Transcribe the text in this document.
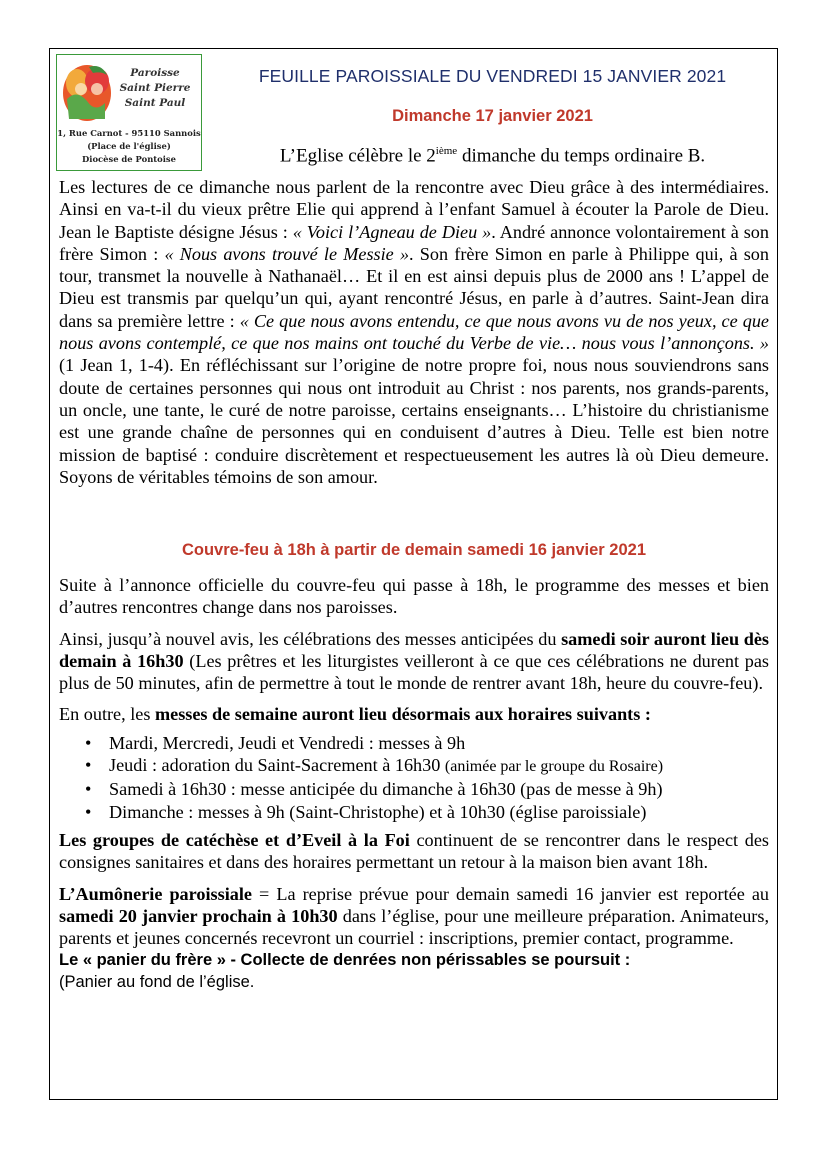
Paroisse
Saint Pierre
Saint Paul
1, Rue Carnot - 95110 Sannois
(Place de l'église)
Diocèse de Pontoise
FEUILLE PAROISSIALE DU VENDREDI 15 JANVIER 2021
Dimanche 17 janvier 2021
L’Eglise célèbre le 2ième dimanche du temps ordinaire B.
Les lectures de ce dimanche nous parlent de la rencontre avec Dieu grâce à des intermédiaires. Ainsi en va-t-il du vieux prêtre Elie qui apprend à l’enfant Samuel à écouter la Parole de Dieu. Jean le Baptiste désigne Jésus : « Voici l’Agneau de Dieu ». André annonce volontairement à son frère Simon : « Nous avons trouvé le Messie ». Son frère Simon en parle à Philippe qui, à son tour, transmet la nouvelle à Nathanaël… Et il en est ainsi depuis plus de 2000 ans ! L’appel de Dieu est transmis par quelqu’un qui, ayant rencontré Jésus, en parle à d’autres. Saint-Jean dira dans sa première lettre : « Ce que nous avons entendu, ce que nous avons vu de nos yeux, ce que nous avons contemplé, ce que nos mains ont touché du Verbe de vie… nous vous l’annonçons. » (1 Jean 1, 1-4). En réfléchissant sur l’origine de notre propre foi, nous nous souviendrons sans doute de certaines personnes qui nous ont introduit au Christ : nos parents, nos grands-parents, un oncle, une tante, le curé de notre paroisse, certains enseignants… L’histoire du christianisme est une grande chaîne de personnes qui en conduisent d’autres à Dieu. Telle est bien notre mission de baptisé : conduire discrètement et respectueusement les autres là où Dieu demeure. Soyons de véritables témoins de son amour.
Couvre-feu à 18h à partir de demain samedi 16 janvier 2021

Suite à l’annonce officielle du couvre-feu qui passe à 18h, le programme des messes et bien d’autres rencontres change dans nos paroisses.

Ainsi, jusqu’à nouvel avis, les célébrations des messes anticipées du samedi soir auront lieu dès demain à 16h30 (Les prêtres et les liturgistes veilleront à ce que ces célébrations ne durent pas plus de 50 minutes, afin de permettre à tout le monde de rentrer avant 18h, heure du couvre-feu).

En outre, les messes de semaine auront lieu désormais aux horaires suivants :

• Mardi, Mercredi, Jeudi et Vendredi : messes à 9h
• Jeudi : adoration du Saint-Sacrement à 16h30 (animée par le groupe du Rosaire)
• Samedi à 16h30 : messe anticipée du dimanche à 16h30 (pas de messe à 9h)
• Dimanche : messes à 9h (Saint-Christophe) et à 10h30 (église paroissiale)

Les groupes de catéchèse et d’Eveil à la Foi continuent de se rencontrer dans le respect des consignes sanitaires et dans des horaires permettant un retour à la maison bien avant 18h.

L’Aumônerie paroissiale = La reprise prévue pour demain samedi 16 janvier est reportée au samedi 20 janvier prochain à 10h30 dans l’église, pour une meilleure préparation. Animateurs, parents et jeunes concernés recevront un courriel : inscriptions, premier contact, programme.

Le « panier du frère » - Collecte de denrées non périssables se poursuit :
(Panier au fond de l’église.
